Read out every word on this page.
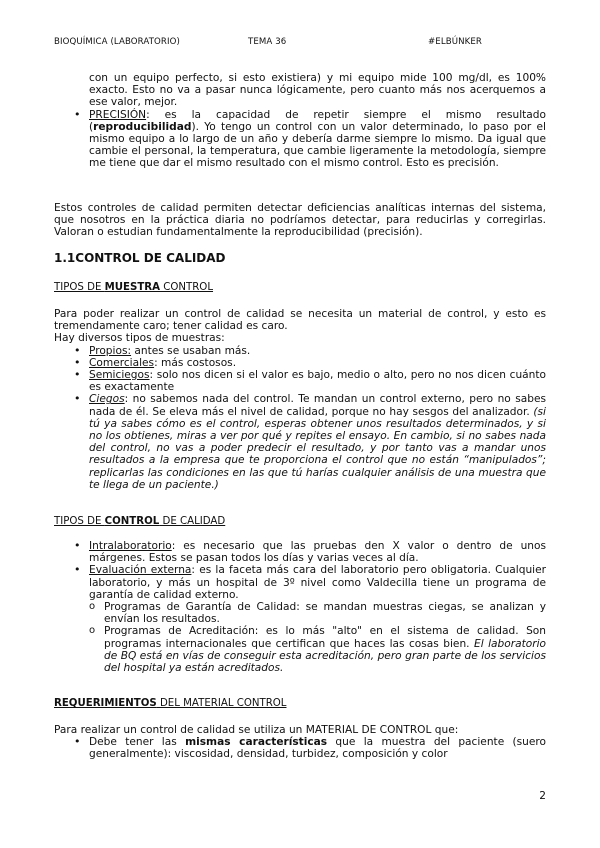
BIOQUÍMICA (LABORATORIO)	TEMA 36	#ELBÚNKER

con un equipo perfecto, si esto existiera) y mi equipo mide 100 mg/dl, es 100% exacto. Esto no va a pasar nunca lógicamente, pero cuanto más nos acerquemos a ese valor, mejor.

• PRECISIÓN: es la capacidad de repetir siempre el mismo resultado (reproducibilidad). Yo tengo un control con un valor determinado, lo paso por el mismo equipo a lo largo de un año y debería darme siempre lo mismo. Da igual que cambie el personal, la temperatura, que cambie ligeramente la metodología, siempre me tiene que dar el mismo resultado con el mismo control. Esto es precisión.
Estos controles de calidad permiten detectar deficiencias analíticas internas del sistema, que nosotros en la práctica diaria no podríamos detectar, para reducirlas y corregirlas. Valoran o estudian fundamentalmente la reproducibilidad (precisión).
1.1CONTROL DE CALIDAD
TIPOS DE MUESTRA CONTROL

Para poder realizar un control de calidad se necesita un material de control, y esto es tremendamente caro; tener calidad es caro.

Hay diversos tipos de muestras:

• Propios: antes se usaban más.
• Comerciales: más costosos.
• Semiciegos: solo nos dicen si el valor es bajo, medio o alto, pero no nos dicen cuánto es exactamente
• Ciegos: no sabemos nada del control. Te mandan un control externo, pero no sabes nada de él. Se eleva más el nivel de calidad, porque no hay sesgos del analizador. (si tú ya sabes cómo es el control, esperas obtener unos resultados determinados, y si no los obtienes, miras a ver por qué y repites el ensayo. En cambio, si no sabes nada del control, no vas a poder predecir el resultado, y por tanto vas a mandar unos resultados a la empresa que te proporciona el control que no están “manipulados”; replicarlas las condiciones en las que tú harías cualquier análisis de una muestra que te llega de un paciente.)
TIPOS DE CONTROL DE CALIDAD
• Intralaboratorio: es necesario que las pruebas den X valor o dentro de unos márgenes. Estos se pasan todos los días y varias veces al día.
• Evaluación externa: es la faceta más cara del laboratorio pero obligatoria. Cualquier laboratorio, y más un hospital de 3º nivel como Valdecilla tiene un programa de garantía de calidad externo.
o Programas de Garantía de Calidad: se mandan muestras ciegas, se analizan y envían los resultados.
o Programas de Acreditación: es lo más "alto" en el sistema de calidad. Son programas internacionales que certifican que haces las cosas bien. El laboratorio de BQ está en vías de conseguir esta acreditación, pero gran parte de los servicios del hospital ya están acreditados.
REQUERIMIENTOS DEL MATERIAL CONTROL

Para realizar un control de calidad se utiliza un MATERIAL DE CONTROL que:

• Debe tener las mismas características que la muestra del paciente (suero generalmente): viscosidad, densidad, turbidez, composición y color
2
